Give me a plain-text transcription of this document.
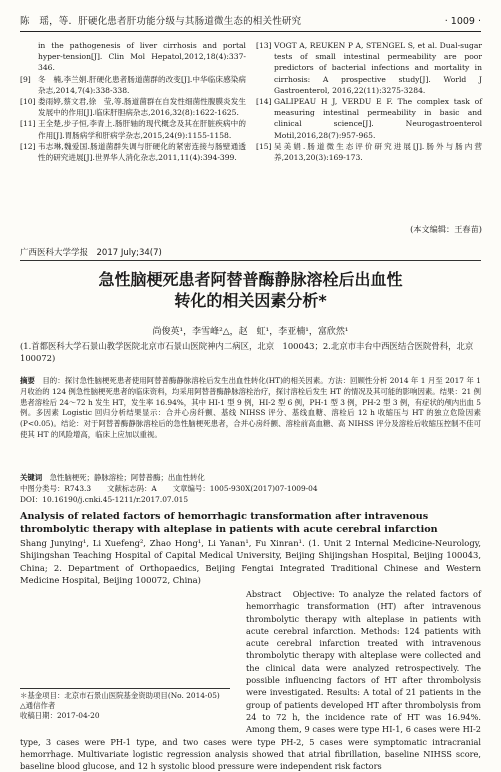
陈　瑶，等．肝硬化患者肝功能分级与其肠道微生态的相关性研究	· 1009 ·
in the pathogenesis of liver cirrhosis and portal hyper-tension[J]. Clin Mol Hepatol,2012,18(4):337-346.
[9] 冬　楠,李兰娟.肝硬化患者肠道菌群的改变[J].中华临床感染病杂志,2014,7(4):338-338.
[10] 娄雨婷,蔡文君,徐　莹,等.肠道菌群在自发性细菌性腹膜炎发生发展中的作用[J].临床肝胆病杂志,2016,32(8):1622-1625.
[11] 王全楚,步子恒,李青上.肠肝轴的现代概念及其在肝脏疾病中的作用[J].胃肠病学和肝病学杂志,2015,24(9):1155-1158.
[12] 韦志琳,魏爱国.肠道菌群失调与肝硬化的紧密连接与肠壁通透性的研究进展[J].世界华人消化杂志,2011,11(4):394-399.
[13] VOGT A, REUKEN P A, STENGEL S, et al. Dual-sugar tests of small intestinal permeability are poor predictors of bacterial infections and mortality in cirrhosis: A prospective study[J]. World J Gastroenterol, 2016,22(11):3275-3284.
[14] GALIPEAU H J, VERDU E F. The complex task of measuring intestinal permeability in basic and clinical science[J]. Neurogastroenterol Motil,2016,28(7):957-965.
[15] 吴美娟.肠道微生态评价研究进展[J].肠外与肠内营养,2013,20(3):169-173.
(本文编辑：王春苗)
广西医科大学学报　2017 July;34(7)
急性脑梗死患者阿替普酶静脉溶栓后出血性
转化的相关因素分析*
尚俊英¹，李雪峰²△，赵　虹¹，李亚楠¹，富欣然¹
(1.首都医科大学石景山教学医院北京市石景山医院神内二病区，北京　100043；2.北京市丰台中西医结合医院骨科，北京　100072)
摘要　 目的：探讨急性脑梗死患者使用阿替普酶静脉溶栓后发生出血性转化(HT)的相关因素。方法：回顾性分析 2014 年 1 月至 2017 年 1 月收治的 124 例急性脑梗死患者的临床资料，均采用阿替普酶静脉溶栓治疗，探讨溶栓后发生 HT 的情况及其可能的影响因素。结果：21 例患者溶栓后 24～72 h 发生 HT，发生率 16.94%，其中 HI-1 型 9 例，HI-2 型 6 例，PH-1 型 3 例，PH-2 型 3 例，有症状的颅内出血 5 例。多因素 Logistic 回归分析结果显示：合并心房纤颤、基线 NIHSS 评分、基线血糖、溶栓后 12 h 收缩压与 HT 的独立危险因素(P<0.05)。结论：对于阿替普酶静脉溶栓后的急性脑梗死患者，合并心房纤颤、溶栓前高血糖、高 NIHSS 评分及溶栓后收缩压控制不佳可使其 HT 的风险增高，临床上应加以重视。
关键词　 急性脑梗死；静脉溶栓；阿替普酶；出血性转化
中图分类号：R743.3 文献标志码：A 文章编号：1005-930X(2017)07-1009-04
DOI：10.16190/j.cnki.45-1211/r.2017.07.015
Analysis of related factors of hemorrhagic transformation after intravenous thrombolytic therapy with alteplase in patients with acute cerebral infarction
Shang Junying¹, Li Xuefeng², Zhao Hong¹, Li Yanan¹, Fu Xinran¹. (1. Unit 2 Internal Medicine-Neurology, Shijingshan Teaching Hospital of Capital Medical University, Beijing Shijingshan Hospital, Beijing 100043, China; 2. Department of Orthopaedics, Beijing Fengtai Integrated Traditional Chinese and Western Medicine Hospital, Beijing 100072, China)
Abstract　Objective: To analyze the related factors of hemorrhagic transformation (HT) after intravenous thrombolytic therapy with alteplase in patients with acute cerebral infarction. Methods: 124 patients with acute cerebral infarction treated with intravenous thrombolytic therapy with alteplase were collected and the clinical data were analyzed retrospectively. The possible influencing factors of HT after thrombolysis were investigated. Results: A total of 21 patients in the group of patients developed HT after thrombolysis from 24 to 72 h, the incidence rate of HT was 16.94%. Among them, 9 cases were type HI-1, 6 cases were HI-2 type, 3 cases were PH-1 type, and two cases were type PH-2, 5 cases were symptomatic intracranial hemorrhage. Multivariate logistic regression analysis showed that atrial fibrillation, baseline NIHSS score, baseline blood glucose, and 12 h systolic blood pressure were independent risk factors
＊基金项目：北京市石景山医院基金资助项目(No. 2014-05)
△通信作者
收稿日期：2017-04-20
